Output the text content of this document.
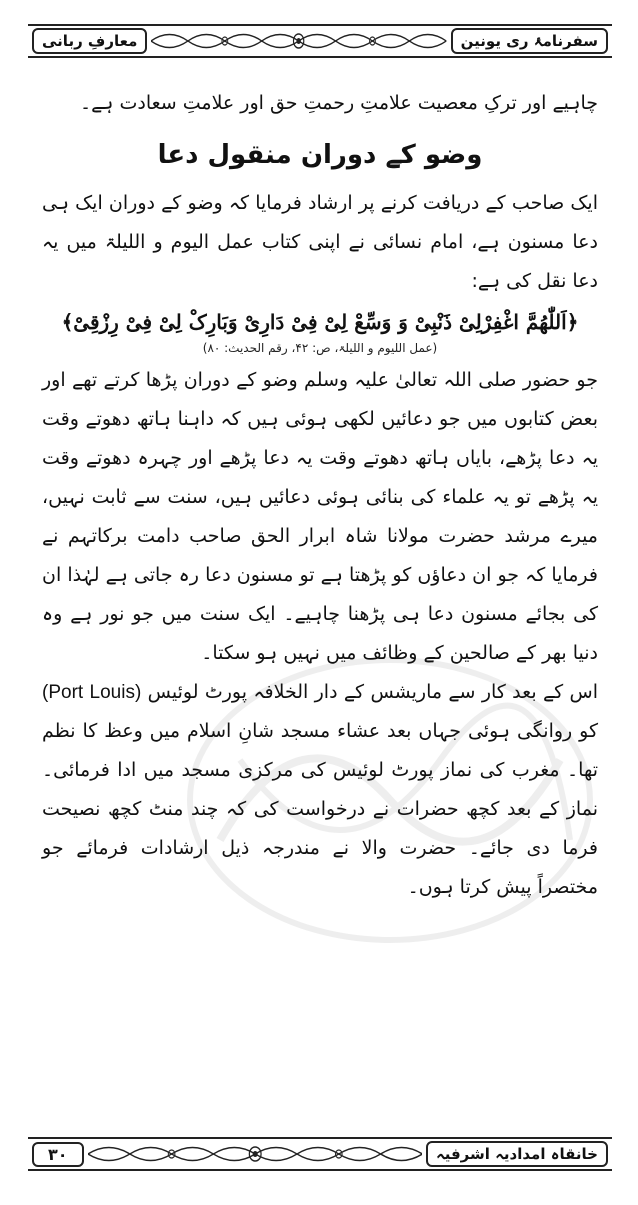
معارفِ ربانی	سفرنامۂ ری یونین

چاہیے اور ترکِ معصیت علامتِ رحمتِ حق اور علامتِ سعادت ہے۔

وضو کے دوران منقول دعا

ایک صاحب کے دریافت کرنے پر ارشاد فرمایا کہ وضو کے دوران ایک ہی دعا مسنون ہے، امام نسائی نے اپنی کتاب عمل الیوم و اللیلۃ میں یہ دعا نقل کی ہے:

﴿اَللّٰھُمَّ اغْفِرْلِیْ ذَنْبِیْ وَ وَسِّعْ لِیْ فِیْ دَارِیْ وَبَارِکْ لِیْ فِیْ رِزْقِیْ﴾

(عمل اللیوم و اللیلۃ، ص: ۴۲، رقم الحدیث: ۸۰)

جو حضور صلی اللہ تعالیٰ علیہ وسلم وضو کے دوران پڑھا کرتے تھے اور بعض کتابوں میں جو دعائیں لکھی ہوئی ہیں کہ داہنا ہاتھ دھوتے وقت یہ دعا پڑھے، بایاں ہاتھ دھوتے وقت یہ دعا پڑھے اور چہرہ دھوتے وقت یہ پڑھے تو یہ علماء کی بنائی ہوئی دعائیں ہیں، سنت سے ثابت نہیں، میرے مرشد حضرت مولانا شاہ ابرار الحق صاحب دامت برکاتہم نے فرمایا کہ جو ان دعاؤں کو پڑھتا ہے تو مسنون دعا رہ جاتی ہے لہٰذا ان کی بجائے مسنون دعا ہی پڑھنا چاہیے۔ ایک سنت میں جو نور ہے وہ دنیا بھر کے صالحین کے وظائف میں نہیں ہو سکتا۔

اس کے بعد کار سے ماریشس کے دار الخلافہ پورٹ لوئیس (Port Louis) کو روانگی ہوئی جہاں بعد عشاء مسجد شانِ اسلام میں وعظ کا نظم تھا۔ مغرب کی نماز پورٹ لوئیس کی مرکزی مسجد میں ادا فرمائی۔ نماز کے بعد کچھ حضرات نے درخواست کی کہ چند منٹ کچھ نصیحت فرما دی جائے۔ حضرت والا نے مندرجہ ذیل ارشادات فرمائے جو مختصراً پیش کرتا ہوں۔

۳۰	خانقاہ امدادیہ اشرفیہ
